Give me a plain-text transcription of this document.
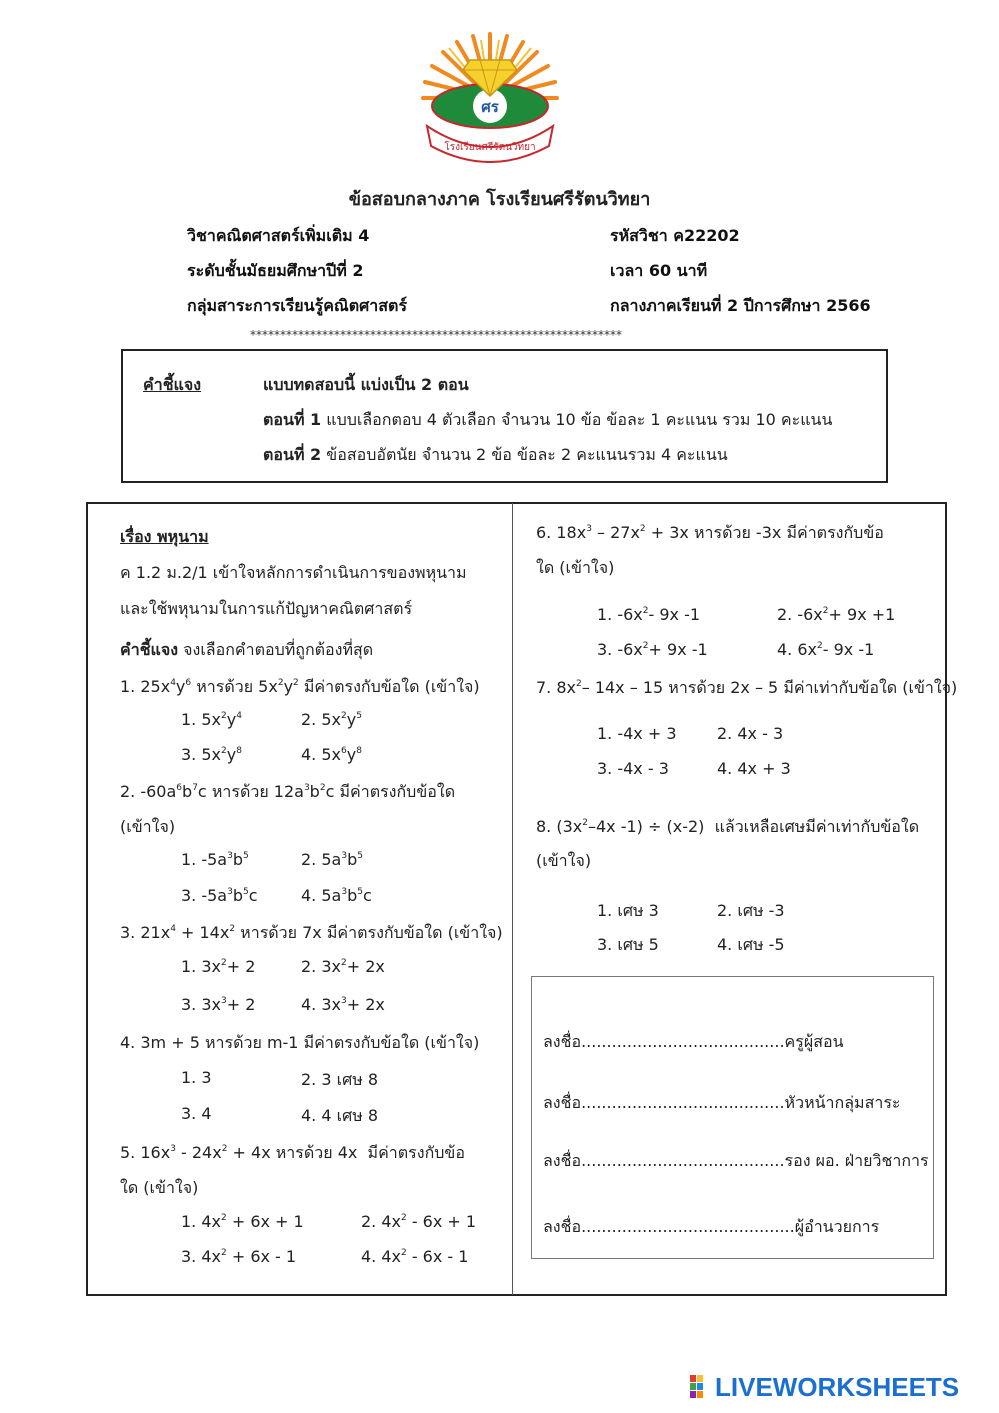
ศร
โรงเรียนศรีรัตนวิทยา
ข้อสอบกลางภาค โรงเรียนศรีรัตนวิทยา
วิชาคณิตศาสตร์เพิ่มเติม 4	รหัสวิชา ค22202
ระดับชั้นมัธยมศึกษาปีที่ 2	เวลา 60 นาที
กลุ่มสาระการเรียนรู้คณิตศาสตร์	กลางภาคเรียนที่ 2 ปีการศึกษา 2566
**************************************************************
คำชี้แจง	แบบทดสอบนี้ แบ่งเป็น 2 ตอน
ตอนที่ 1 แบบเลือกตอบ 4 ตัวเลือก จำนวน 10 ข้อ ข้อละ 1 คะแนน รวม 10 คะแนน
ตอนที่ 2 ข้อสอบอัตนัย จำนวน 2 ข้อ ข้อละ 2 คะแนนรวม 4 คะแนน
เรื่อง พหุนาม
ค 1.2 ม.2/1 เข้าใจหลักการดำเนินการของพหุนาม
และใช้พหุนามในการแก้ปัญหาคณิตศาสตร์
คำชี้แจง จงเลือกคำตอบที่ถูกต้องที่สุด
1. $25x^4y^6$ หารด้วย $5x^2y^2$ มีค่าตรงกับข้อใด (เข้าใจ)
1. $5x^2y^4$	2. $5x^2y^5$
3. $5x^2y^8$	4. $5x^6y^8$
2. $-60a^6b^7c$ หารด้วย $12a^3b^2c$ มีค่าตรงกับข้อใด
(เข้าใจ)
1. $-5a^3b^5$	2. $5a^3b^5$
3. $-5a^3b^5c$	4. $5a^3b^5c$
3. $21x^4 + 14x^2$ หารด้วย 7x มีค่าตรงกับข้อใด (เข้าใจ)
1. $3x^2+ 2$	2. $3x^2+ 2x$
3. $3x^3+ 2$	4. $3x^3+ 2x$
4. 3m + 5 หารด้วย m-1 มีค่าตรงกับข้อใด (เข้าใจ)
1. 3	2. 3 เศษ 8
3. 4	4. 4 เศษ 8
5. $16x^3 - 24x^2 + 4x$ หารด้วย 4x  มีค่าตรงกับข้อ
ใด (เข้าใจ)
1. $4x^2 + 6x + 1$	2. $4x^2 - 6x + 1$
3. $4x^2 + 6x - 1$	4. $4x^2 - 6x - 1$
6. $18x^3 - 27x^2 + 3x$ หารด้วย -3x มีค่าตรงกับข้อ
ใด (เข้าใจ)
1. $-6x^2-$ 9x -1	2. $-6x^2+ 9x +1$
3. $-6x^2+ 9x$ -1	4. $6x^2-$ 9x -1
7. $8x^2-$ 14x – 15 หารด้วย 2x – 5 มีค่าเท่ากับข้อใด (เข้าใจ)
1. -4x + 3	2. 4x - 3
3. -4x - 3	4. 4x + 3
8. ($3x^2-4x$ -1) ÷ (x-2)  แล้วเหลือเศษมีค่าเท่ากับข้อใด
(เข้าใจ)
1. เศษ 3	2. เศษ -3
3. เศษ 5	4. เศษ -5
ลงชื่อ........................................ครูผู้สอน
ลงชื่อ........................................หัวหน้ากลุ่มสาระ
ลงชื่อ........................................รอง ผอ. ฝ่ายวิชาการ
ลงชื่อ..........................................ผู้อำนวยการ
LIVEWORKSHEETS
